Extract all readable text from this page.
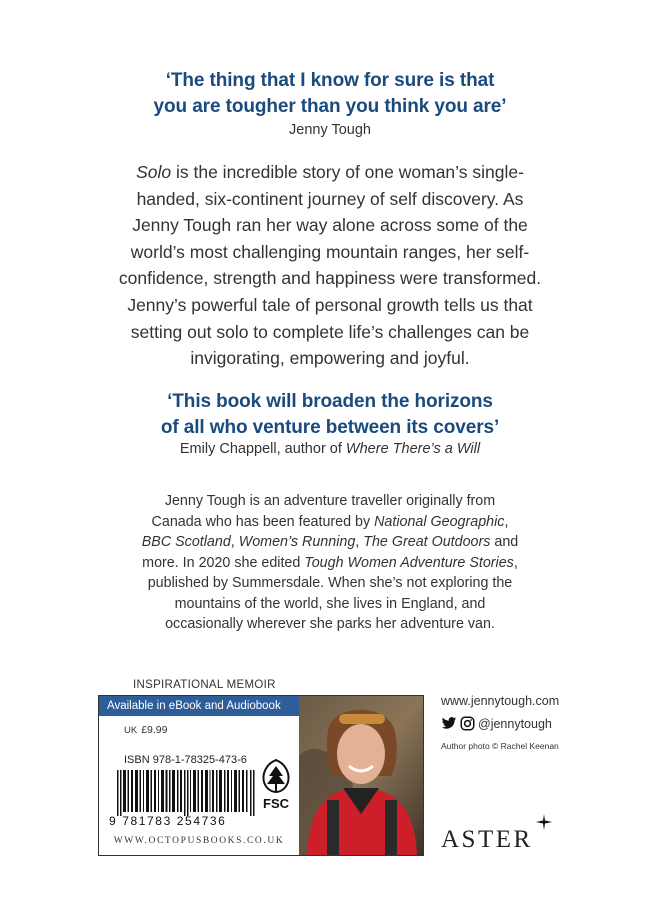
‘The thing that I know for sure is that
you are tougher than you think you are’
Jenny Tough
Solo is the incredible story of one woman’s single-
handed, six-continent journey of self discovery. As
Jenny Tough ran her way alone across some of the
world’s most challenging mountain ranges, her self-
confidence, strength and happiness were transformed.
Jenny’s powerful tale of personal growth tells us that
setting out solo to complete life’s challenges can be
invigorating, empowering and joyful.
‘This book will broaden the horizons
of all who venture between its covers’
Emily Chappell, author of Where There’s a Will
Jenny Tough is an adventure traveller originally from
Canada who has been featured by National Geographic,
BBC Scotland, Women’s Running, The Great Outdoors and
more. In 2020 she edited Tough Women Adventure Stories,
published by Summersdale. When she’s not exploring the
mountains of the world, she lives in England, and
occasionally wherever she parks her adventure van.
INSPIRATIONAL MEMOIR
Available in eBook and Audiobook
UK £9.99
ISBN 978-1-78325-473-6
9 781783 254736
FSC
WWW.OCTOPUSBOOKS.CO.UK
www.jennytough.com
@jennytough
Author photo © Rachel Keenan
ASTER
